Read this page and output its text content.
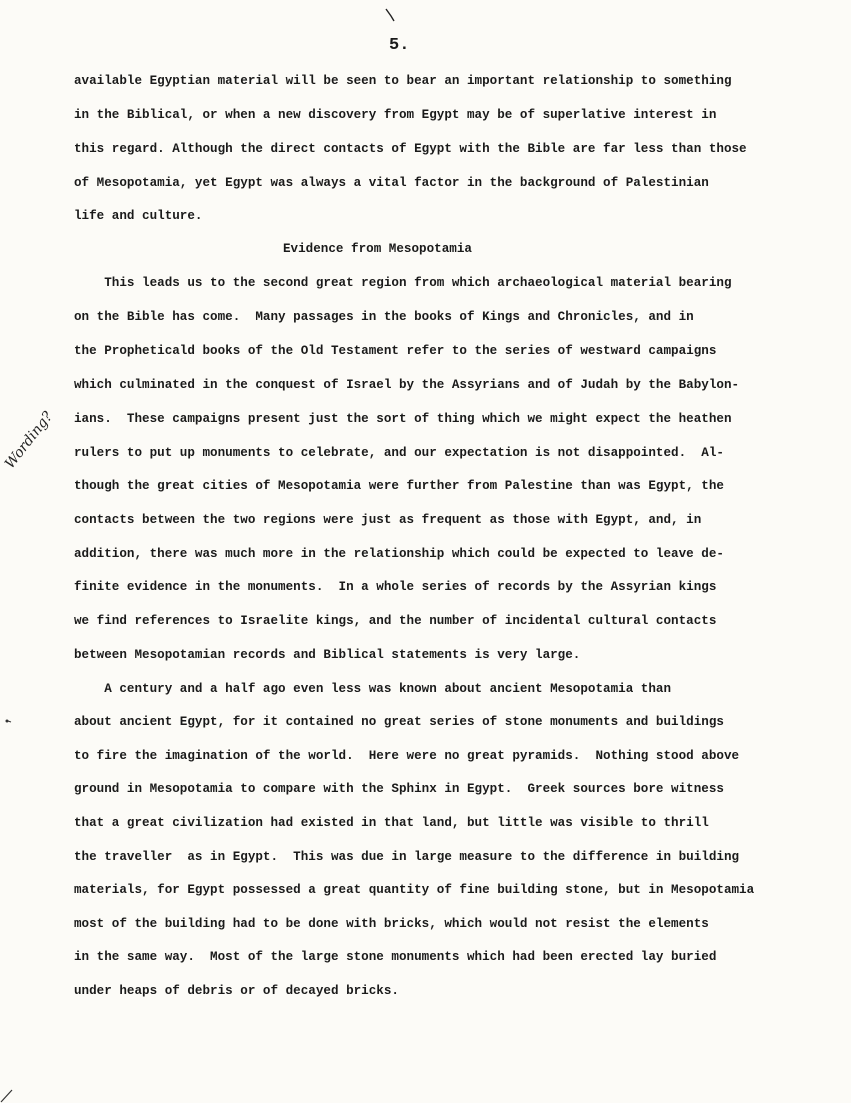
5.
available Egyptian material will be seen to bear an important relationship to something
in the Biblical, or when a new discovery from Egypt may be of superlative interest in
this regard. Although the direct contacts of Egypt with the Bible are far less than those
of Mesopotamia, yet Egypt was always a vital factor in the background of Palestinian
life and culture.
Evidence from Mesopotamia
This leads us to the second great region from which archaeological material bearing
on the Bible has come.  Many passages in the books of Kings and Chronicles, and in
the Propheticald books of the Old Testament refer to the series of westward campaigns
which culminated in the conquest of Israel by the Assyrians and of Judah by the Babylon-
ians.  These campaigns present just the sort of thing which we might expect the heathen
rulers to put up monuments to celebrate, and our expectation is not disappointed.  Al-
though the great cities of Mesopotamia were further from Palestine than was Egypt, the
contacts between the two regions were just as frequent as those with Egypt, and, in
addition, there was much more in the relationship which could be expected to leave de-
finite evidence in the monuments.  In a whole series of records by the Assyrian kings
we find references to Israelite kings, and the number of incidental cultural contacts
between Mesopotamian records and Biblical statements is very large.
A century and a half ago even less was known about ancient Mesopotamia than
about ancient Egypt, for it contained no great series of stone monuments and buildings
to fire the imagination of the world.  Here were no great pyramids.  Nothing stood above
ground in Mesopotamia to compare with the Sphinx in Egypt.  Greek sources bore witness
that a great civilization had existed in that land, but little was visible to thrill
the traveller  as in Egypt.  This was due in large measure to the difference in building
materials, for Egypt possessed a great quantity of fine building stone, but in Mesopotamia
most of the building had to be done with bricks, which would not resist the elements
in the same way.  Most of the large stone monuments which had been erected lay buried
under heaps of debris or of decayed bricks.
Wording?
